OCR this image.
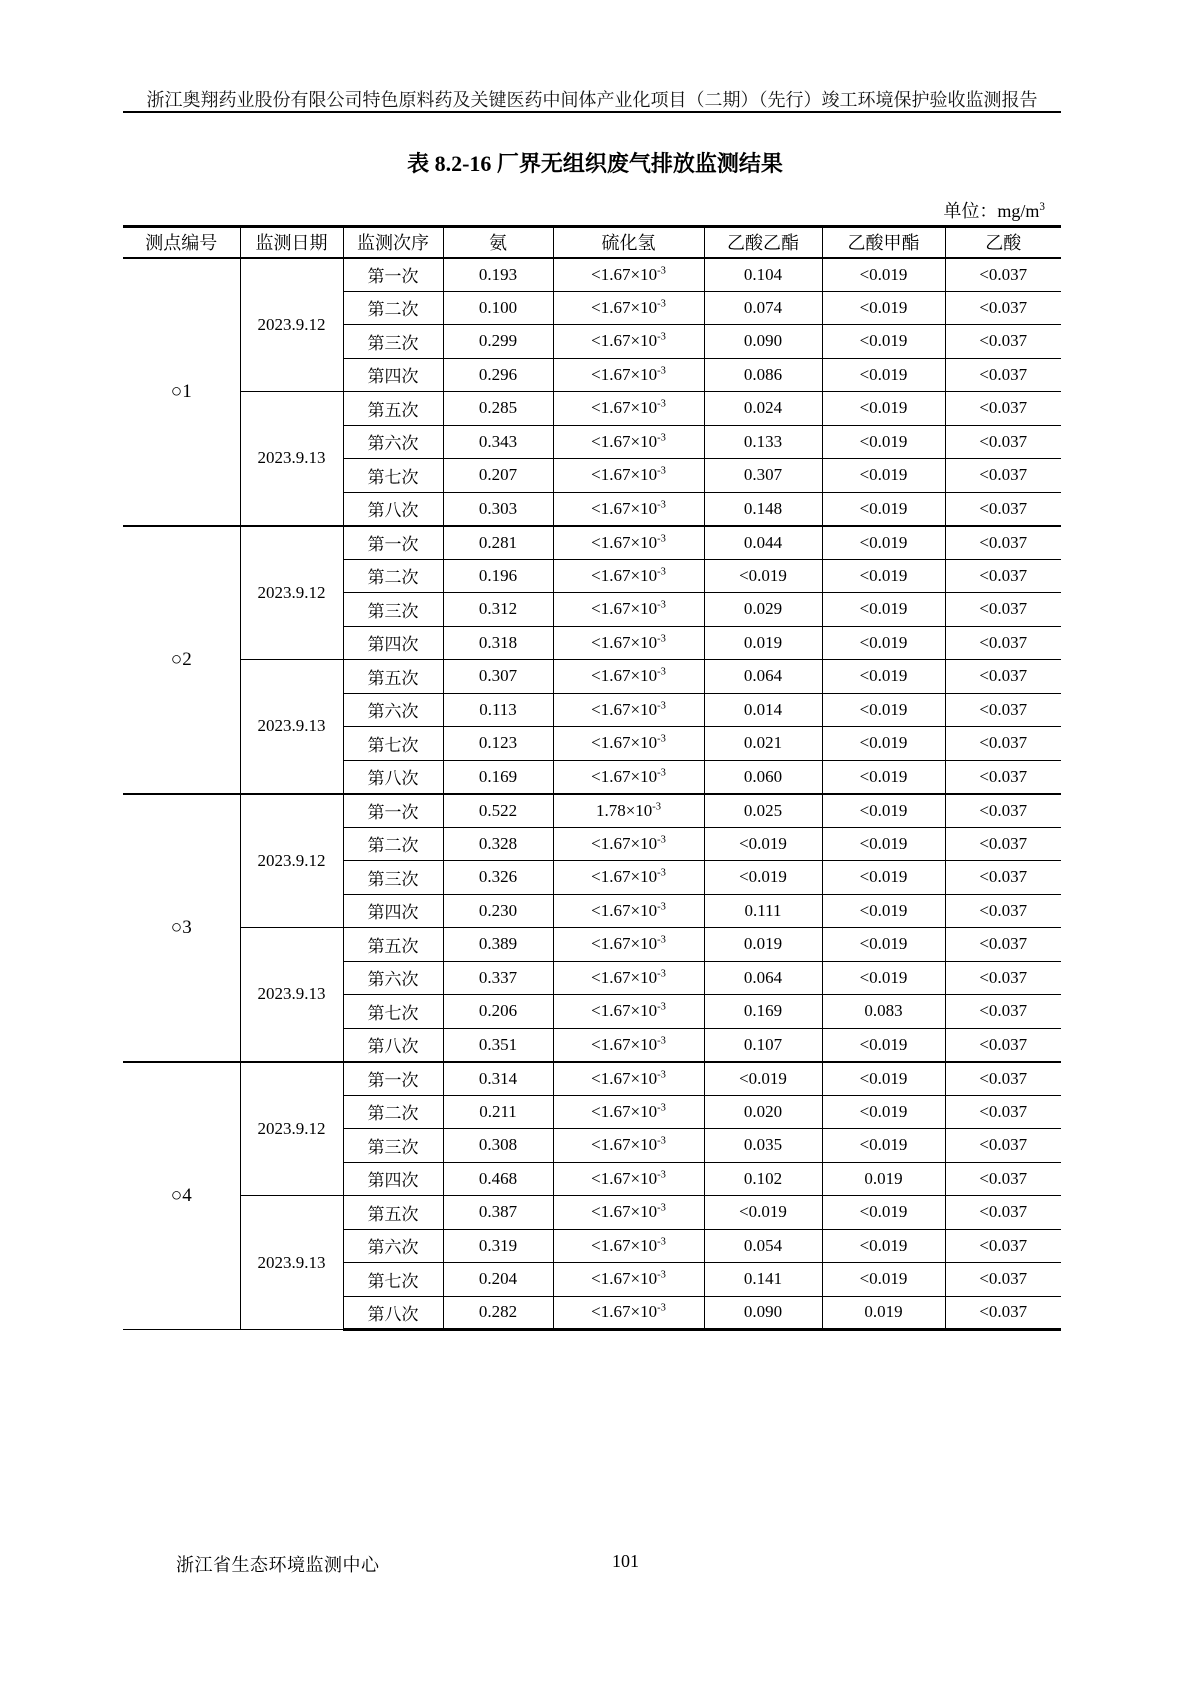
浙江奥翔药业股份有限公司特色原料药及关键医药中间体产业化项目（二期）（先行）竣工环境保护验收监测报告
表 8.2-16 厂界无组织废气排放监测结果
单位：$mg/m^3$
测点编号	监测日期	监测次序	氨	硫化氢	乙酸乙酯	乙酸甲酯	乙酸
○1	2023.9.12	第一次	0.193	$<1.67\times 10^{-3}$	0.104	<0.019	<0.037
		第二次	0.100	$<1.67\times 10^{-3}$	0.074	<0.019	<0.037
		第三次	0.299	$<1.67\times 10^{-3}$	0.090	<0.019	<0.037
		第四次	0.296	$<1.67\times 10^{-3}$	0.086	<0.019	<0.037
	2023.9.13	第五次	0.285	$<1.67\times 10^{-3}$	0.024	<0.019	<0.037
		第六次	0.343	$<1.67\times 10^{-3}$	0.133	<0.019	<0.037
		第七次	0.207	$<1.67\times 10^{-3}$	0.307	<0.019	<0.037
		第八次	0.303	$<1.67\times 10^{-3}$	0.148	<0.019	<0.037
○2	2023.9.12	第一次	0.281	$<1.67\times 10^{-3}$	0.044	<0.019	<0.037
		第二次	0.196	$<1.67\times 10^{-3}$	<0.019	<0.019	<0.037
		第三次	0.312	$<1.67\times 10^{-3}$	0.029	<0.019	<0.037
		第四次	0.318	$<1.67\times 10^{-3}$	0.019	<0.019	<0.037
	2023.9.13	第五次	0.307	$<1.67\times 10^{-3}$	0.064	<0.019	<0.037
		第六次	0.113	$<1.67\times 10^{-3}$	0.014	<0.019	<0.037
		第七次	0.123	$<1.67\times 10^{-3}$	0.021	<0.019	<0.037
		第八次	0.169	$<1.67\times 10^{-3}$	0.060	<0.019	<0.037
○3	2023.9.12	第一次	0.522	$1.78\times 10^{-3}$	0.025	<0.019	<0.037
		第二次	0.328	$<1.67\times 10^{-3}$	<0.019	<0.019	<0.037
		第三次	0.326	$<1.67\times 10^{-3}$	<0.019	<0.019	<0.037
		第四次	0.230	$<1.67\times 10^{-3}$	0.111	<0.019	<0.037
	2023.9.13	第五次	0.389	$<1.67\times 10^{-3}$	0.019	<0.019	<0.037
		第六次	0.337	$<1.67\times 10^{-3}$	0.064	<0.019	<0.037
		第七次	0.206	$<1.67\times 10^{-3}$	0.169	0.083	<0.037
		第八次	0.351	$<1.67\times 10^{-3}$	0.107	<0.019	<0.037
○4	2023.9.12	第一次	0.314	$<1.67\times 10^{-3}$	<0.019	<0.019	<0.037
		第二次	0.211	$<1.67\times 10^{-3}$	0.020	<0.019	<0.037
		第三次	0.308	$<1.67\times 10^{-3}$	0.035	<0.019	<0.037
		第四次	0.468	$<1.67\times 10^{-3}$	0.102	0.019	<0.037
	2023.9.13	第五次	0.387	$<1.67\times 10^{-3}$	<0.019	<0.019	<0.037
		第六次	0.319	$<1.67\times 10^{-3}$	0.054	<0.019	<0.037
		第七次	0.204	$<1.67\times 10^{-3}$	0.141	<0.019	<0.037
		第八次	0.282	$<1.67\times 10^{-3}$	0.090	0.019	<0.037
浙江省生态环境监测中心	101
